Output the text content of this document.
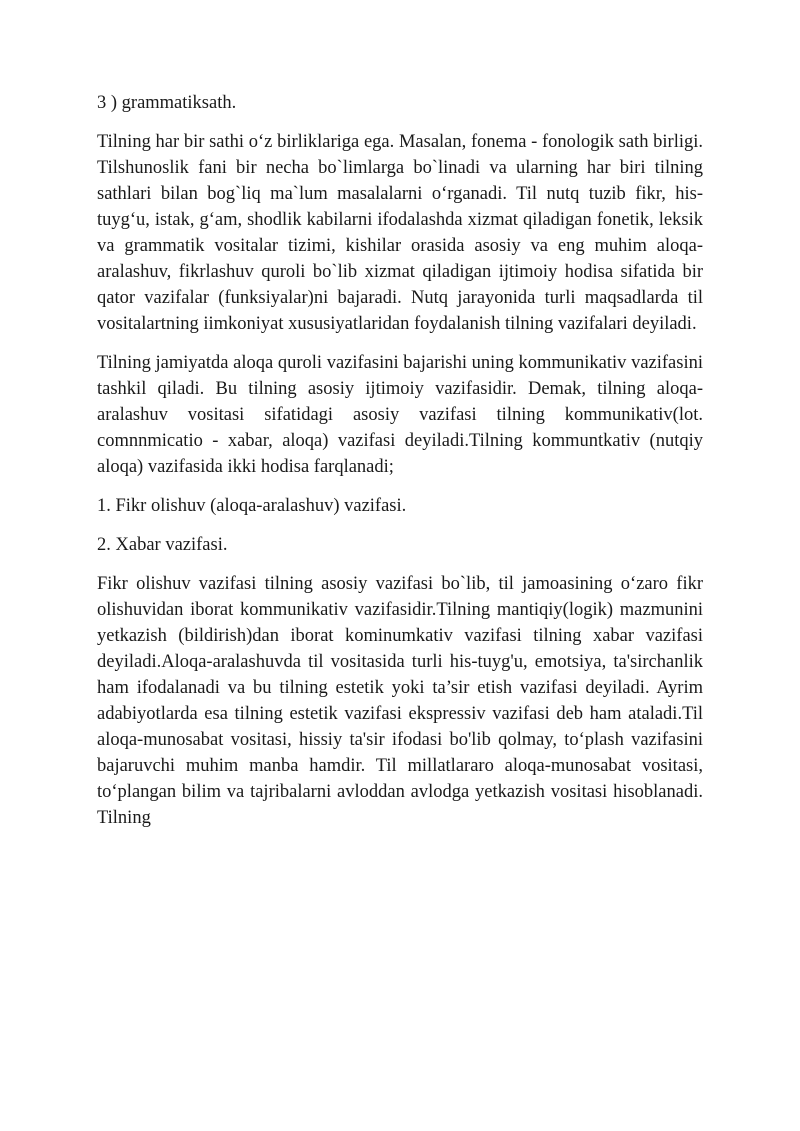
3 ) grammatiksath.

Tilning har bir sathi o‘z birliklariga ega. Masalan, fonema - fonologik sath birligi. Tilshunoslik fani bir necha bo`limlarga bo`linadi va ularning har biri tilning sathlari bilan bog`liq ma`lum masalalarni o‘rganadi. Til nutq tuzib fikr, his-tuyg‘u, istak, g‘am, shodlik kabilarni ifodalashda xizmat qiladigan fonetik, leksik va grammatik vositalar tizimi, kishilar orasida asosiy va eng muhim aloqa-aralashuv, fikrlashuv quroli bo`lib xizmat qiladigan ijtimoiy hodisa sifatida bir qator vazifalar (funksiyalar)ni bajaradi. Nutq jarayonida turli maqsadlarda til vositalartning iimkoniyat xususiyatlaridan foydalanish tilning vazifalari deyiladi.

Tilning jamiyatda aloqa quroli vazifasini bajarishi uning kommunikativ vazifasini tashkil qiladi. Bu tilning asosiy ijtimoiy vazifasidir. Demak, tilning aloqa-aralashuv vositasi sifatidagi asosiy vazifasi tilning kommunikativ(lot. comnnmicatio - xabar, aloqa) vazifasi deyiladi.Tilning kommuntkativ (nutqiy aloqa) vazifasida ikki hodisa farqlanadi;

1. Fikr olishuv (aloqa-aralashuv) vazifasi.

2. Xabar vazifasi.

Fikr olishuv vazifasi tilning asosiy vazifasi bo`lib, til jamoasining o‘zaro fikr olishuvidan iborat kommunikativ vazifasidir.Tilning mantiqiy(logik) mazmunini yetkazish (bildirish)dan iborat kominumkativ vazifasi tilning xabar vazifasi deyiladi.Aloqa-aralashuvda til vositasida turli his-tuyg'u, emotsiya, ta'sirchanlik ham ifodalanadi va bu tilning estetik yoki ta’sir etish vazifasi deyiladi. Ayrim adabiyotlarda esa tilning estetik vazifasi ekspressiv vazifasi deb ham ataladi.Til aloqa-munosabat vositasi, hissiy ta'sir ifodasi bo'lib qolmay, to‘plash vazifasini bajaruvchi muhim manba hamdir. Til millatlararo aloqa-munosabat vositasi, to‘plangan bilim va tajribalarni avloddan avlodga yetkazish vositasi hisoblanadi. Tilning
